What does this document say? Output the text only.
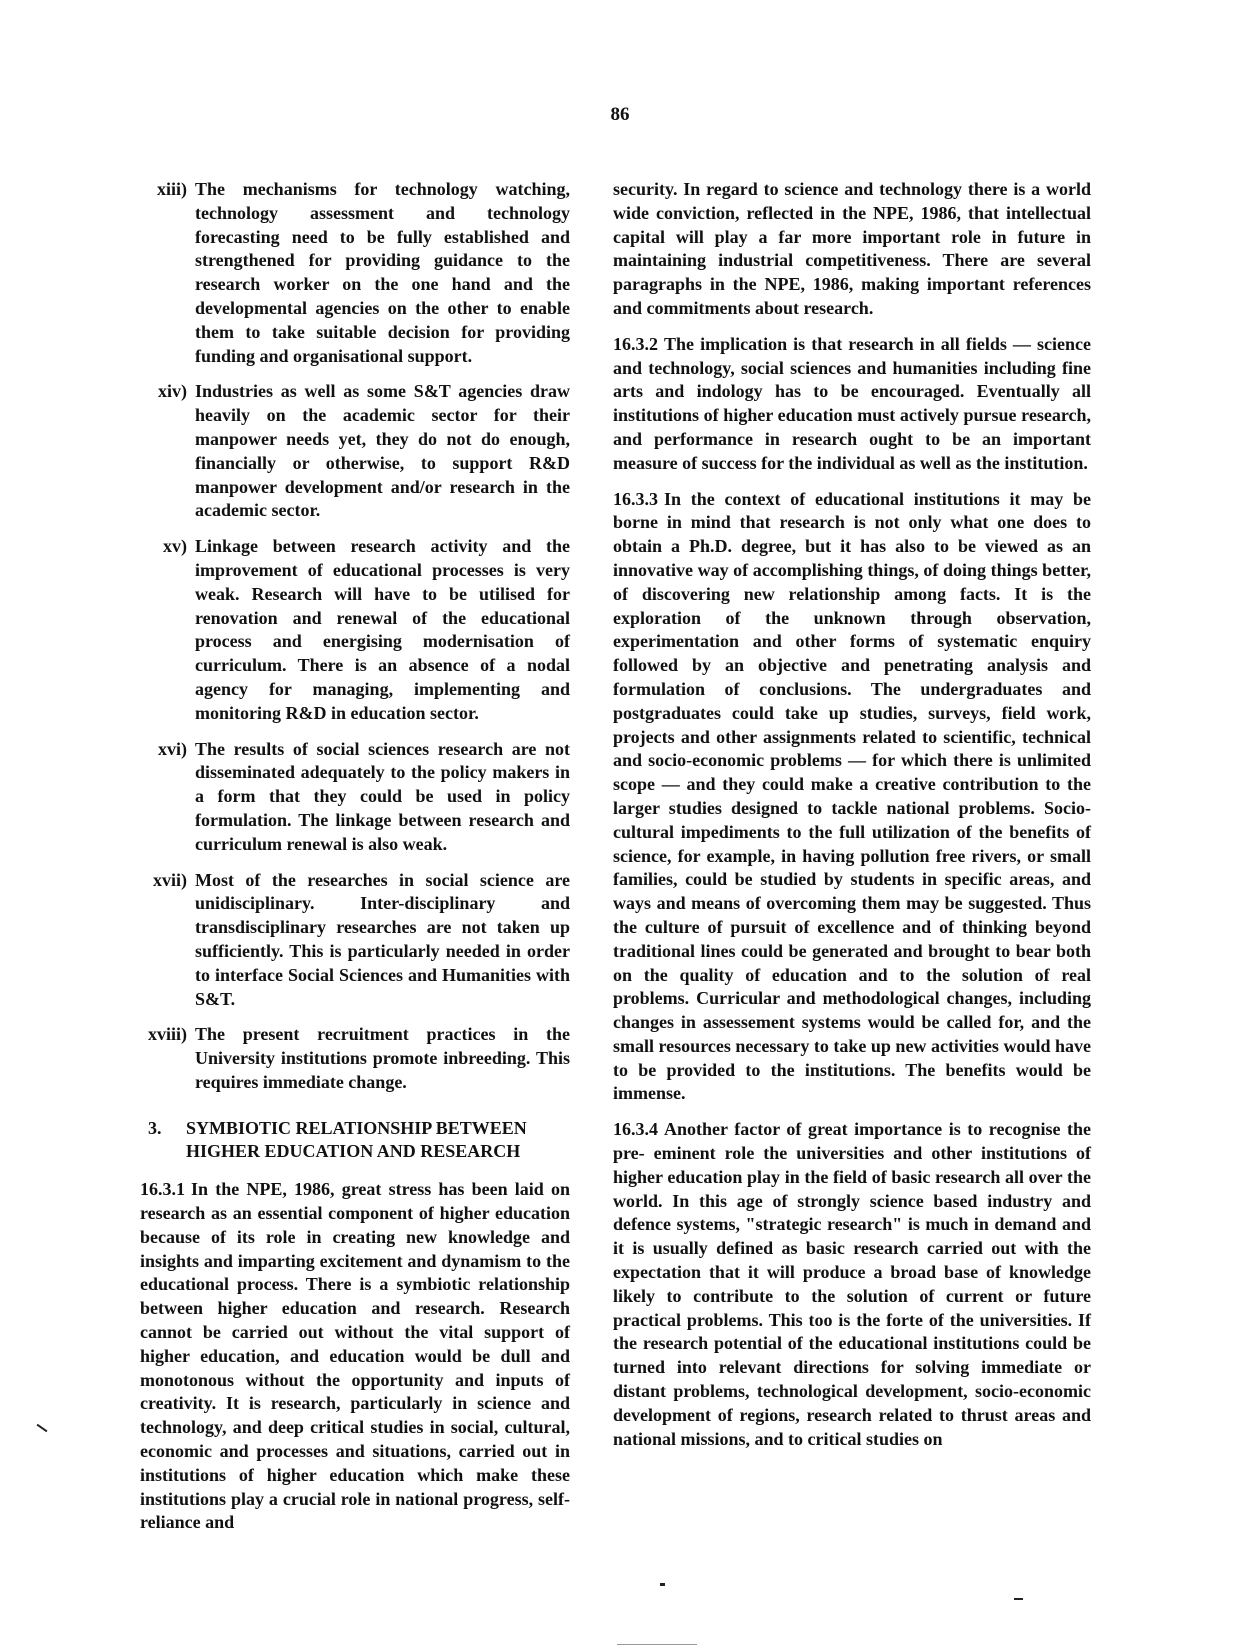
86
xiii) The mechanisms for technology watching, technology assessment and technology forecasting need to be fully established and strengthened for providing guidance to the research worker on the one hand and the developmental agencies on the other to enable them to take suitable decision for providing funding and organisational support.
xiv) Industries as well as some S&T agencies draw heavily on the academic sector for their manpower needs yet, they do not do enough, financially or otherwise, to support R&D manpower development and/or research in the academic sector.
xv) Linkage between research activity and the improvement of educational processes is very weak. Research will have to be utilised for renovation and renewal of the educational process and energising modernisation of curriculum. There is an absence of a nodal agency for managing, implementing and monitoring R&D in education sector.
xvi) The results of social sciences research are not disseminated adequately to the policy makers in a form that they could be used in policy formulation. The linkage between research and curriculum renewal is also weak.
xvii) Most of the researches in social science are unidisciplinary. Inter-disciplinary and transdisciplinary researches are not taken up sufficiently. This is particularly needed in order to interface Social Sciences and Humanities with S&T.
xviii) The present recruitment practices in the University institutions promote inbreeding. This requires immediate change.
3.	SYMBIOTIC RELATIONSHIP BETWEEN HIGHER EDUCATION AND RESEARCH

16.3.1 In the NPE, 1986, great stress has been laid on research as an essential component of higher education because of its role in creating new knowledge and insights and imparting excitement and dynamism to the educational process. There is a symbiotic relationship between higher education and research. Research cannot be carried out without the vital support of higher education, and education would be dull and monotonous without the opportunity and inputs of creativity. It is research, particularly in science and technology, and deep critical studies in social, cultural, economic and processes and situations, carried out in institutions of higher education which make these institutions play a crucial role in national progress, self- reliance and

security. In regard to science and technology there is a world wide conviction, reflected in the NPE, 1986, that intellectual capital will play a far more important role in future in maintaining industrial competitiveness. There are several paragraphs in the NPE, 1986, making important references and commitments about research.

16.3.2 The implication is that research in all fields — science and technology, social sciences and humanities including fine arts and indology has to be encouraged. Eventually all institutions of higher education must actively pursue research, and performance in research ought to be an important measure of success for the individual as well as the institution.

16.3.3 In the context of educational institutions it may be borne in mind that research is not only what one does to obtain a Ph.D. degree, but it has also to be viewed as an innovative way of accomplishing things, of doing things better, of discovering new relationship among facts. It is the exploration of the unknown through observation, experimentation and other forms of systematic enquiry followed by an objective and penetrating analysis and formulation of conclusions. The undergraduates and postgraduates could take up studies, surveys, field work, projects and other assignments related to scientific, technical and socio-economic problems — for which there is unlimited scope — and they could make a creative contribution to the larger studies designed to tackle national problems. Socio-cultural impediments to the full utilization of the benefits of science, for example, in having pollution free rivers, or small families, could be studied by students in specific areas, and ways and means of overcoming them may be suggested. Thus the culture of pursuit of excellence and of thinking beyond traditional lines could be generated and brought to bear both on the quality of education and to the solution of real problems. Curricular and methodological changes, including changes in assessement systems would be called for, and the small resources necessary to take up new activities would have to be provided to the institutions. The benefits would be immense.

16.3.4 Another factor of great importance is to recognise the pre- eminent role the universities and other institutions of higher education play in the field of basic research all over the world. In this age of strongly science based industry and defence systems, "strategic research" is much in demand and it is usually defined as basic research carried out with the expectation that it will produce a broad base of knowledge likely to contribute to the solution of current or future practical problems. This too is the forte of the universities. If the research potential of the educational institutions could be turned into relevant directions for solving immediate or distant problems, technological development, socio-economic development of regions, research related to thrust areas and national missions, and to critical studies on
